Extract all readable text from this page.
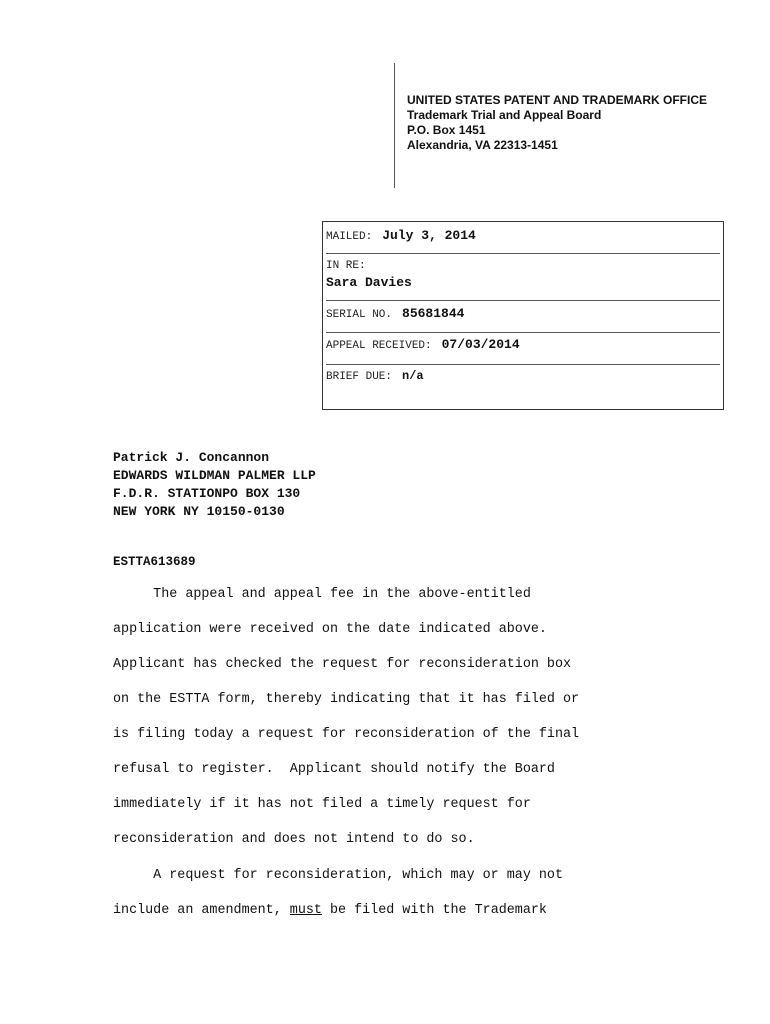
UNITED STATES PATENT AND TRADEMARK OFFICE
Trademark Trial and Appeal Board
P.O. Box 1451
Alexandria, VA 22313-1451
MAILED: July 3, 2014
IN RE:
Sara Davies
SERIAL NO. 85681844
APPEAL RECEIVED: 07/03/2014
BRIEF DUE: n/a
Patrick J. Concannon
EDWARDS WILDMAN PALMER LLP
F.D.R. STATIONPO BOX 130
NEW YORK NY 10150-0130
ESTTA613689
The appeal and appeal fee in the above-entitled
application were received on the date indicated above.
Applicant has checked the request for reconsideration box
on the ESTTA form, thereby indicating that it has filed or
is filing today a request for reconsideration of the final
refusal to register.  Applicant should notify the Board
immediately if it has not filed a timely request for
reconsideration and does not intend to do so.
A request for reconsideration, which may or may not
include an amendment, must be filed with the Trademark
